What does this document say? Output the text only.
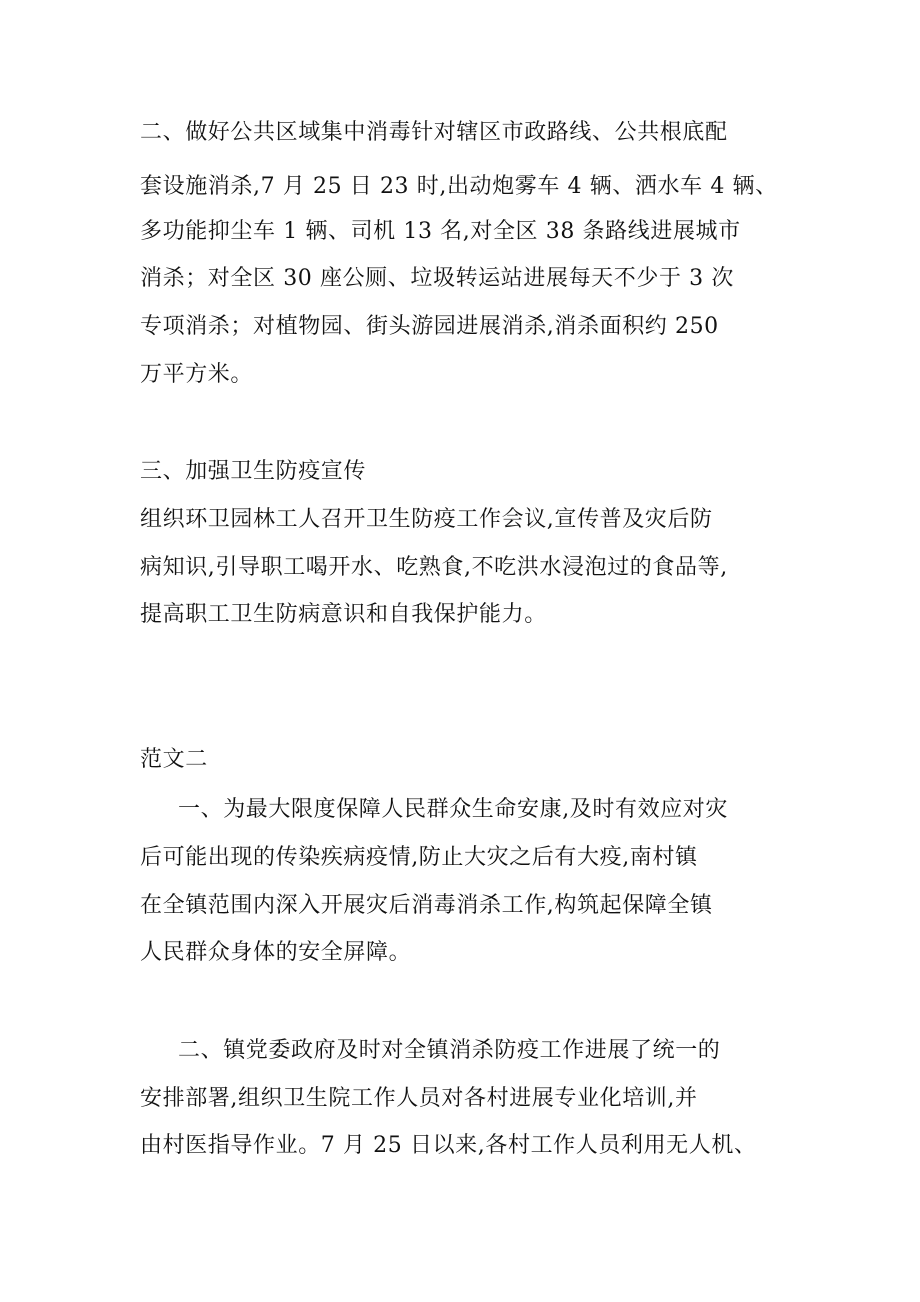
二、做好公共区域集中消毒针对辖区市政路线、公共根底配
套设施消杀,7 月 25 日 23 时,出动炮雾车 4 辆、洒水车 4 辆、
多功能抑尘车 1 辆、司机 13 名,对全区 38 条路线进展城市
消杀；对全区 30 座公厕、垃圾转运站进展每天不少于 3 次
专项消杀；对植物园、街头游园进展消杀,消杀面积约 250
万平方米。
三、加强卫生防疫宣传
组织环卫园林工人召开卫生防疫工作会议,宣传普及灾后防
病知识,引导职工喝开水、吃熟食,不吃洪水浸泡过的食品等,
提高职工卫生防病意识和自我保护能力。
范文二
一、为最大限度保障人民群众生命安康,及时有效应对灾
后可能出现的传染疾病疫情,防止大灾之后有大疫,南村镇
在全镇范围内深入开展灾后消毒消杀工作,构筑起保障全镇
人民群众身体的安全屏障。
二、镇党委政府及时对全镇消杀防疫工作进展了统一的
安排部署,组织卫生院工作人员对各村进展专业化培训,并
由村医指导作业。7 月 25 日以来,各村工作人员利用无人机、
